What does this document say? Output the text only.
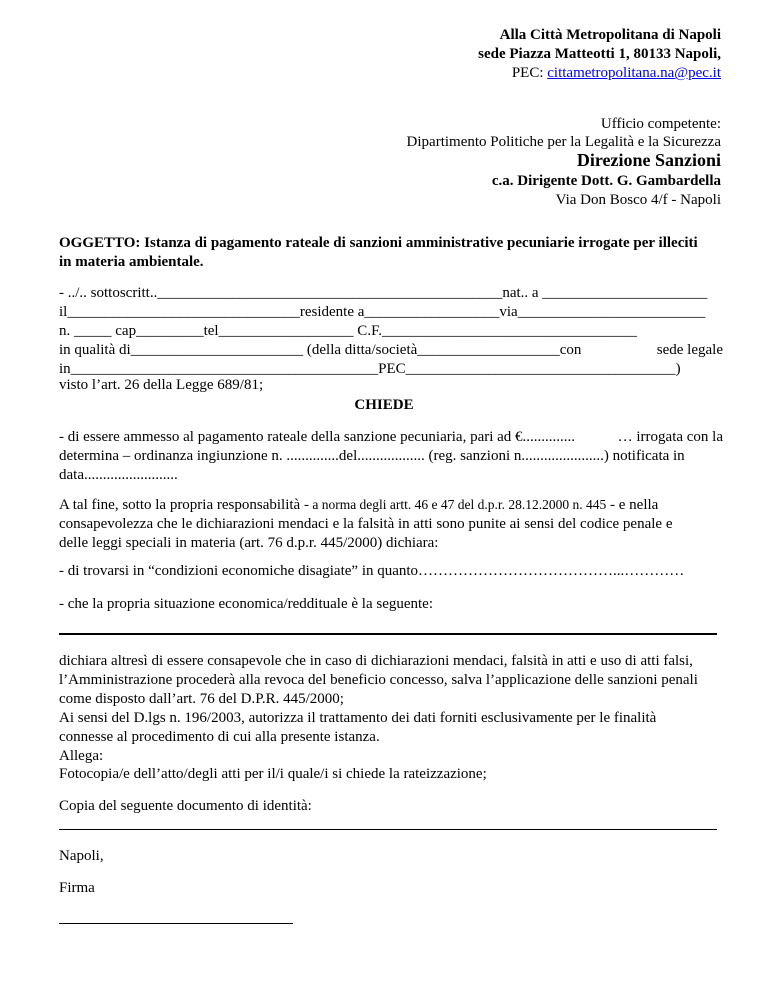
Alla Città Metropolitana di Napoli
sede Piazza Matteotti 1, 80133 Napoli,
PEC: cittametropolitana.na@pec.it
Ufficio competente:
Dipartimento Politiche per la Legalità e la Sicurezza
Direzione Sanzioni
c.a. Dirigente Dott. G. Gambardella
Via Don Bosco 4/f - Napoli
OGGETTO: Istanza di pagamento rateale di sanzioni amministrative pecuniarie irrogate per illeciti
in materia ambientale.
- ../.. sottoscritt..______________________________________________nat.. a ______________________
il_______________________________residente a__________________via_________________________
n. _____ cap_________tel__________________ C.F.__________________________________
in qualità di_______________________ (della ditta/società___________________con	sede legale
in_________________________________________PEC____________________________________)
visto l’art. 26 della Legge 689/81;
CHIEDE
- di essere ammesso al pagamento rateale della sanzione pecuniaria, pari ad €..............	… irrogata con la
determina – ordinanza ingiunzione n. ..............del.................. (reg. sanzioni n......................) notificata in
data.........................
A tal fine, sotto la propria responsabilità - a norma degli artt. 46 e 47 del d.p.r. 28.12.2000 n. 445 - e nella
consapevolezza che le dichiarazioni mendaci e la falsità in atti sono punite ai sensi del codice penale e
delle leggi speciali in materia (art. 76 d.p.r. 445/2000) dichiara:
- di trovarsi in “condizioni economiche disagiate” in quanto…………………………………...…………
- che la propria situazione economica/reddituale è la seguente:
dichiara altresì di essere consapevole che in caso di dichiarazioni mendaci, falsità in atti e uso di atti falsi,
l’Amministrazione procederà alla revoca del beneficio concesso, salva l’applicazione delle sanzioni penali
come disposto dall’art. 76 del D.P.R. 445/2000;
Ai sensi del D.lgs n. 196/2003, autorizza il trattamento dei dati forniti esclusivamente per le finalità
connesse al procedimento di cui alla presente istanza.
Allega:
Fotocopia/e dell’atto/degli atti per il/i quale/i si chiede la rateizzazione;
Copia del seguente documento di identità:
Napoli,
Firma
